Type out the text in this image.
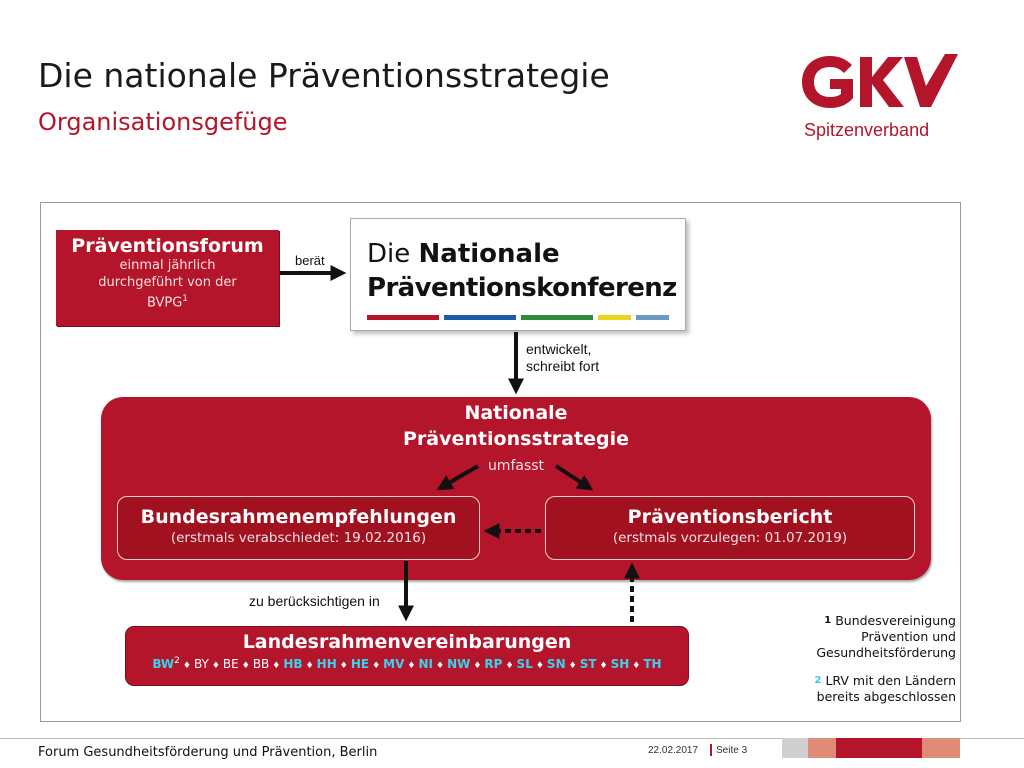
Die nationale Präventionsstrategie
Organisationsgefüge	Spitzenverband
Präventionsforum
einmal jährlich
durchgeführt von der
BVPG$^1$
Die Nationale
Präventionskonferenz
berät
entwickelt,
schreibt fort
zu berücksichtigen in
Nationale
Präventionsstrategie
umfasst
Bundesrahmenempfehlungen
(erstmals verabschiedet: 19.02.2016)
Präventionsbericht
(erstmals vorzulegen: 01.07.2019)
Landesrahmenvereinbarungen
$BW^2$ ♦ BY ♦ BE ♦ BB ♦ HB ♦ HH ♦ HE ♦ MV ♦ NI ♦ NW ♦ RP ♦ SL ♦ SN ♦ ST ♦ SH ♦ TH
$^1$ Bundesvereinigung
Prävention und
Gesundheitsförderung
$^2$ LRV mit den Ländern
bereits abgeschlossen
Forum Gesundheitsförderung und Prävention, Berlin	22.02.2017 Seite 3
